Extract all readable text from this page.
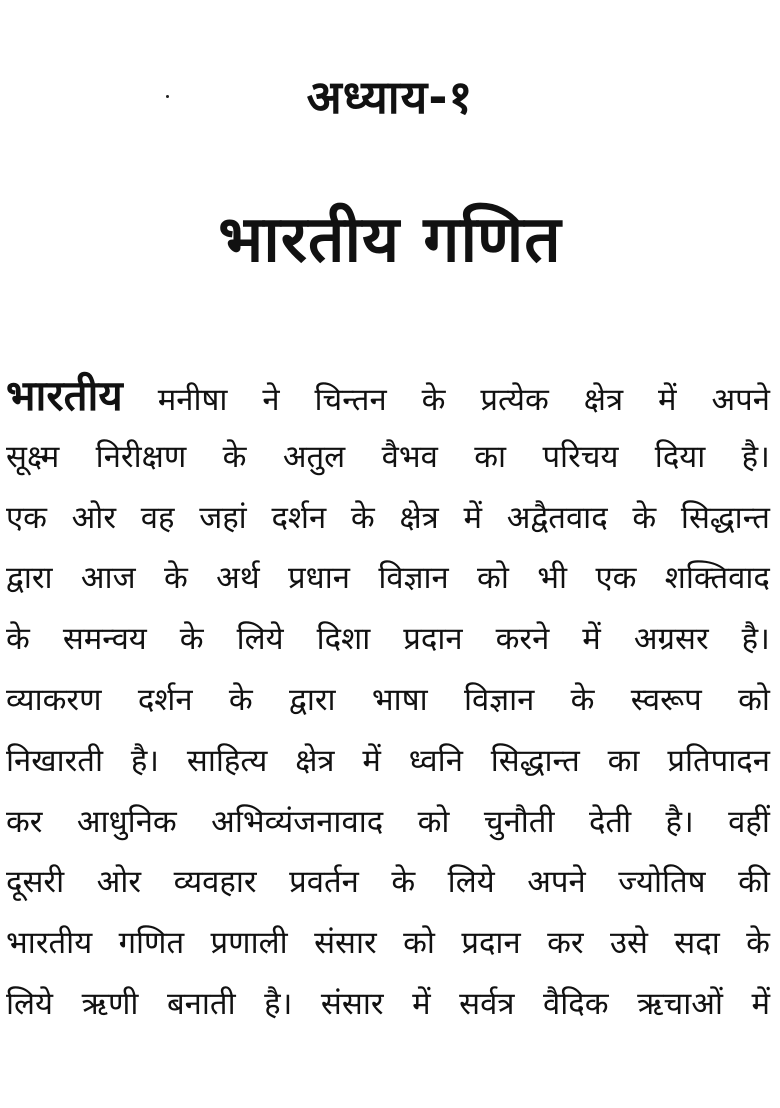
अध्याय-१
भारतीय गणित
भारतीय मनीषा ने चिन्तन के प्रत्येक क्षेत्र में अपने
सूक्ष्म निरीक्षण के अतुल वैभव का परिचय दिया है।
एक ओर वह जहां दर्शन के क्षेत्र में अद्वैतवाद के सिद्धान्त
द्वारा आज के अर्थ प्रधान विज्ञान को भी एक शक्तिवाद
के समन्वय के लिये दिशा प्रदान करने में अग्रसर है।
व्याकरण दर्शन के द्वारा भाषा विज्ञान के स्वरूप को
निखारती है। साहित्य क्षेत्र में ध्वनि सिद्धान्त का प्रतिपादन
कर आधुनिक अभिव्यंजनावाद को चुनौती देती है। वहीं
दूसरी ओर व्यवहार प्रवर्तन के लिये अपने ज्योतिष की
भारतीय गणित प्रणाली संसार को प्रदान कर उसे सदा के
लिये ऋणी बनाती है। संसार में सर्वत्र वैदिक ऋचाओं में
